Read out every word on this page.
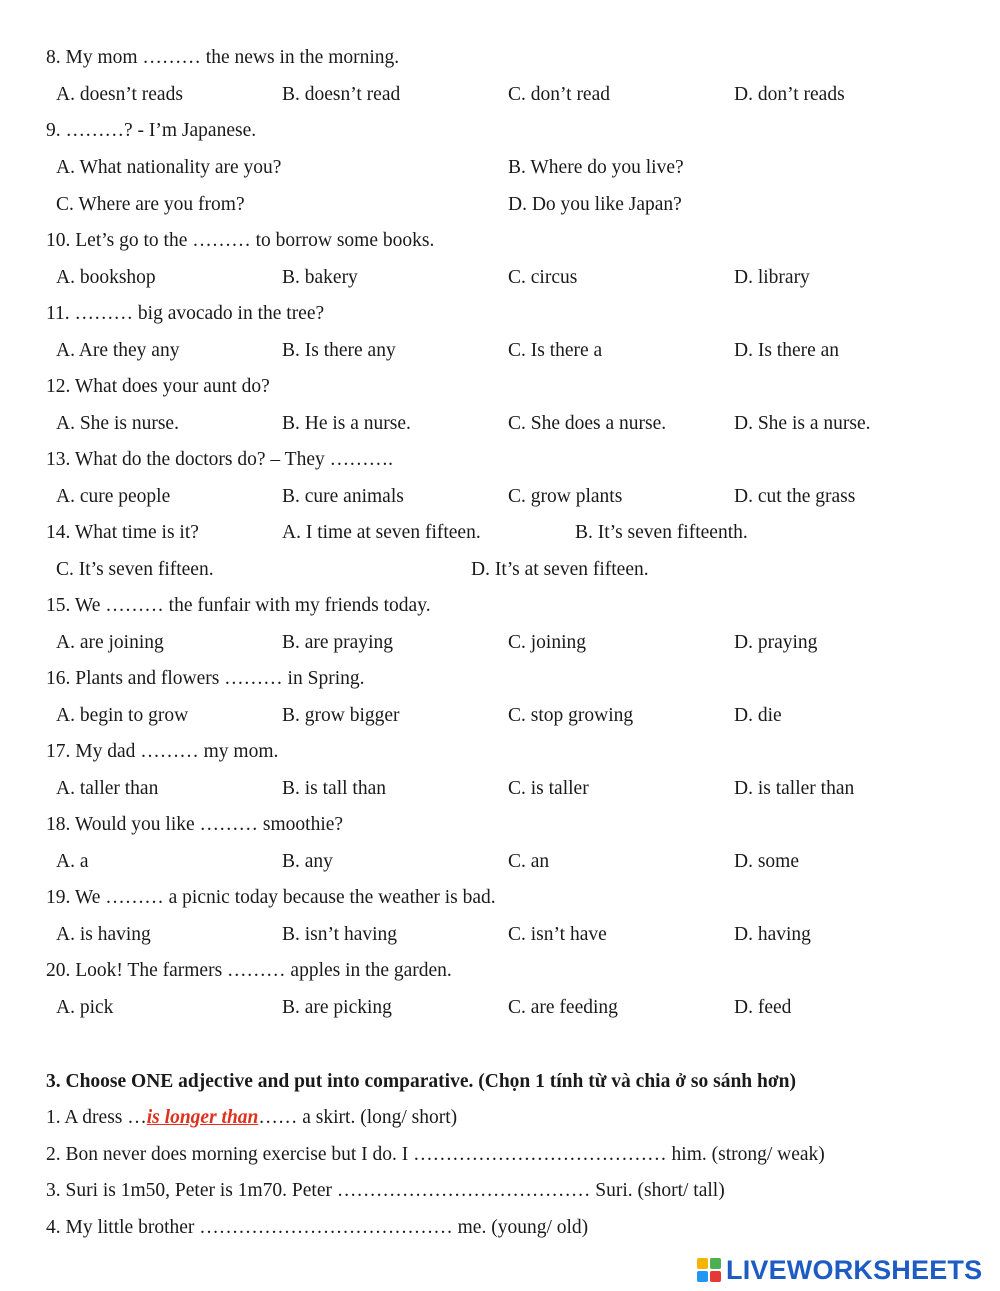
8. My mom ……… the news in the morning.
A. doesn’t reads	B. doesn’t read	C. don’t read	D. don’t reads
9. ………? - I’m Japanese.
A. What nationality are you?	B. Where do you live?
C. Where are you from?	D. Do you like Japan?
10. Let’s go to the ……… to borrow some books.
A. bookshop	B. bakery	C. circus	D. library
11. ……… big avocado in the tree?
A. Are they any	B. Is there any	C. Is there a	D. Is there an
12. What does your aunt do?
A. She is nurse.	B. He is a nurse.	C. She does a nurse.	D. She is a nurse.
13. What do the doctors do? – They ……….
A. cure people	B. cure animals	C. grow plants	D. cut the grass
14. What time is it?	A. I time at seven fifteen.	B. It’s seven fifteenth.
C. It’s seven fifteen.	D. It’s at seven fifteen.
15. We ……… the funfair with my friends today.
A. are joining	B. are praying	C. joining	D. praying
16. Plants and flowers ……… in Spring.
A. begin to grow	B. grow bigger	C. stop growing	D. die
17. My dad ……… my mom.
A. taller than	B. is tall than	C. is taller	D. is taller than
18. Would you like ……… smoothie?
A. a	B. any	C. an	D. some
19. We ……… a picnic today because the weather is bad.
A. is having	B. isn’t having	C. isn’t have	D. having
20. Look! The farmers ……… apples in the garden.
A. pick	B. are picking	C. are feeding	D. feed
3. Choose ONE adjective and put into comparative. (Chọn 1 tính từ và chia ở so sánh hơn)
1. A dress …is longer than…… a skirt. (long/ short)
2. Bon never does morning exercise but I do. I ………………………………… him. (strong/ weak)
3. Suri is 1m50, Peter is 1m70. Peter ………………………………… Suri. (short/ tall)
4. My little brother ………………………………… me. (young/ old)
LIVEWORKSHEETS
